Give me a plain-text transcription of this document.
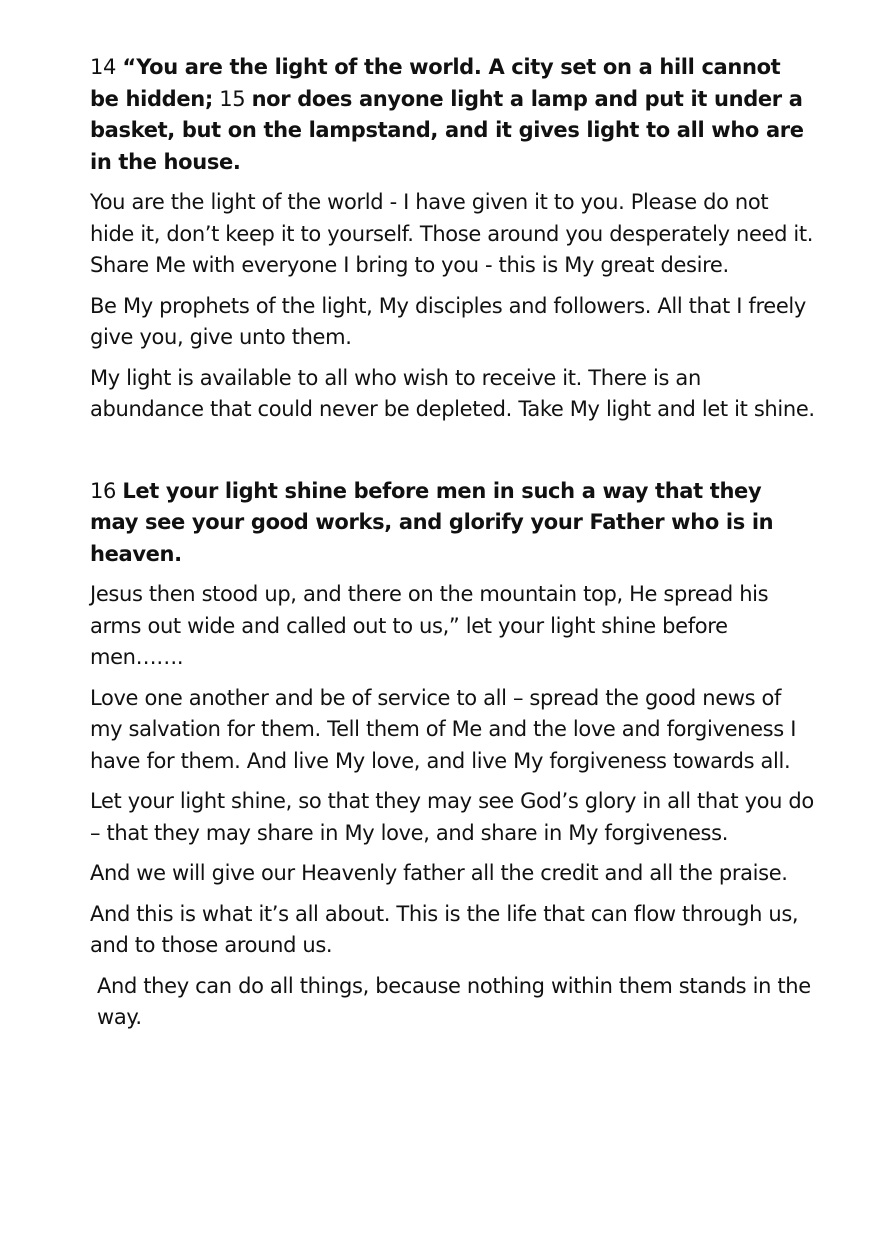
14 “You are the light of the world. A city set on a hill cannot be hidden; 15 nor does anyone light a lamp and put it under a basket, but on the lampstand, and it gives light to all who are in the house.

You are the light of the world - I have given it to you. Please do not hide it, don’t keep it to yourself. Those around you desperately need it. Share Me with everyone I bring to you - this is My great desire.

Be My prophets of the light, My disciples and followers. All that I freely give you, give unto them.

My light is available to all who wish to receive it. There is an abundance that could never be depleted. Take My light and let it shine.

16 Let your light shine before men in such a way that they may see your good works, and glorify your Father who is in heaven.

Jesus then stood up, and there on the mountain top, He spread his arms out wide and called out to us,” let your light shine before men…….

Love one another and be of service to all – spread the good news of my salvation for them. Tell them of Me and the love and forgiveness I have for them. And live My love, and live My forgiveness towards all.

Let your light shine, so that they may see God’s glory in all that you do – that they may share in My love, and share in My forgiveness.

And we will give our Heavenly father all the credit and all the praise.

And this is what it’s all about. This is the life that can flow through us, and to those around us.

And they can do all things, because nothing within them stands in the way.
